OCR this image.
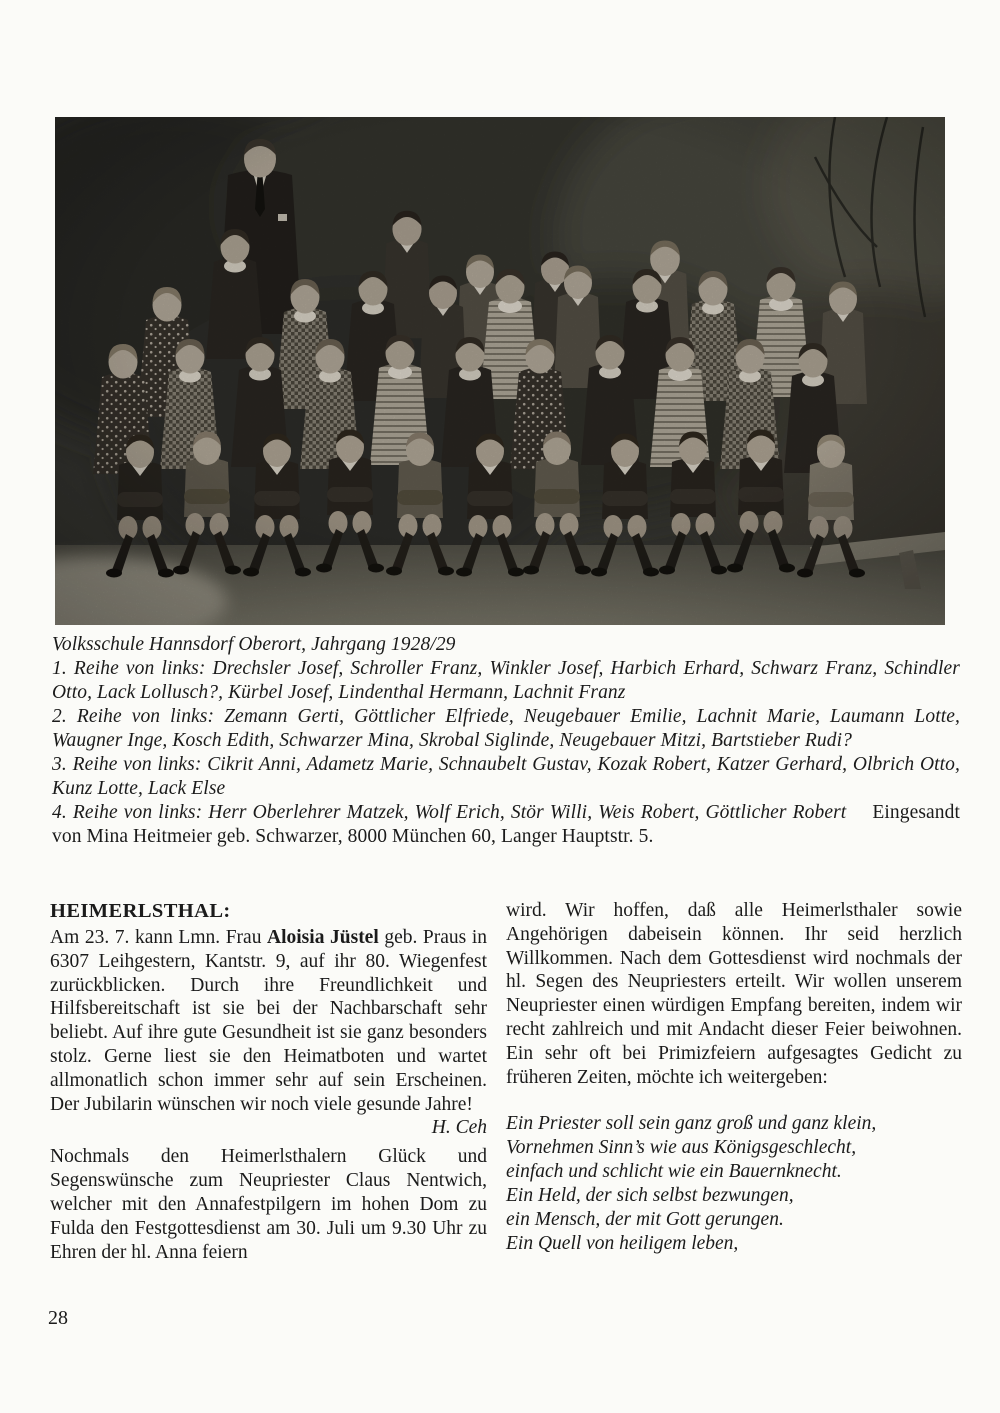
Volksschule Hannsdorf Oberort, Jahrgang 1928/29

1. Reihe von links: Drechsler Josef, Schroller Franz, Winkler Josef, Harbich Erhard, Schwarz Franz, Schindler Otto, Lack Lollusch?, Kürbel Josef, Lindenthal Hermann, Lachnit Franz

2. Reihe von links: Zemann Gerti, Göttlicher Elfriede, Neugebauer Emilie, Lachnit Marie, Laumann Lotte, Waugner Inge, Kosch Edith, Schwarzer Mina, Skrobal Siglinde, Neugebauer Mitzi, Bartstieber Rudi?

3. Reihe von links: Cikrit Anni, Adametz Marie, Schnaubelt Gustav, Kozak Robert, Katzer Gerhard, Olbrich Otto, Kunz Lotte, Lack Else

4. Reihe von links: Herr Oberlehrer Matzek, Wolf Erich, Stör Willi, Weis Robert, Göttlicher Robert Eingesandt von Mina Heitmeier geb. Schwarzer, 8000 München 60, Langer Hauptstr. 5.

HEIMERLSTHAL:

Am 23. 7. kann Lmn. Frau Aloisia Jüstel geb. Praus in 6307 Leihgestern, Kantstr. 9, auf ihr 80. Wiegenfest zurückblicken. Durch ihre Freundlichkeit und Hilfsbereitschaft ist sie bei der Nachbarschaft sehr beliebt. Auf ihre gute Gesundheit ist sie ganz besonders stolz. Gerne liest sie den Heimatboten und wartet allmonatlich schon immer sehr auf sein Erscheinen. Der Jubilarin wünschen wir noch viele gesunde Jahre!
H. Ceh

Nochmals den Heimerlsthalern Glück und Segenswünsche zum Neupriester Claus Nentwich, welcher mit den Annafestpilgern im hohen Dom zu Fulda den Festgottesdienst am 30. Juli um 9.30 Uhr zu Ehren der hl. Anna feiern

wird. Wir hoffen, daß alle Heimerlsthaler sowie Angehörigen dabeisein können. Ihr seid herzlich Willkommen. Nach dem Gottesdienst wird nochmals der hl. Segen des Neupriesters erteilt. Wir wollen unserem Neupriester einen würdigen Empfang bereiten, indem wir recht zahlreich und mit Andacht dieser Feier beiwohnen. Ein sehr oft bei Primizfeiern aufgesagtes Gedicht zu früheren Zeiten, möchte ich weitergeben:

Ein Priester soll sein ganz groß und ganz klein,

Vornehmen Sinn’s wie aus Königsgeschlecht,

einfach und schlicht wie ein Bauernknecht.

Ein Held, der sich selbst bezwungen,

ein Mensch, der mit Gott gerungen.

Ein Quell von heiligem leben,

28
